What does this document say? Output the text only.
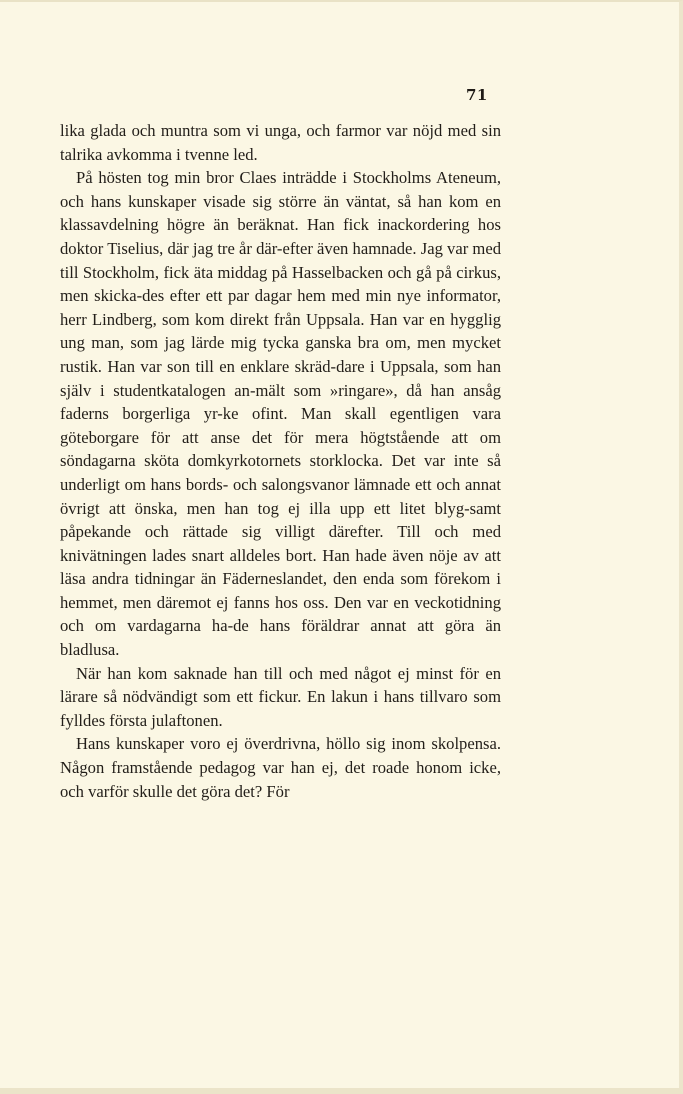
71

lika glada och muntra som vi unga, och farmor var nöjd med sin talrika avkomma i tvenne led.

På hösten tog min bror Claes inträdde i Stockholms Ateneum, och hans kunskaper visade sig större än väntat, så han kom en klassavdelning högre än beräknat. Han fick inackordering hos doktor Tiselius, där jag tre år där-efter även hamnade. Jag var med till Stockholm, fick äta middag på Hasselbacken och gå på cirkus, men skicka-des efter ett par dagar hem med min nye informator, herr Lindberg, som kom direkt från Uppsala. Han var en hygglig ung man, som jag lärde mig tycka ganska bra om, men mycket rustik. Han var son till en enklare skräd-dare i Uppsala, som han själv i studentkatalogen an-mält som »ringare», då han ansåg faderns borgerliga yr-ke ofint. Man skall egentligen vara göteborgare för att anse det för mera högtstående att om söndagarna sköta domkyrkotornets storklocka. Det var inte så underligt om hans bords- och salongsvanor lämnade ett och annat övrigt att önska, men han tog ej illa upp ett litet blyg-samt påpekande och rättade sig villigt därefter. Till och med knivätningen lades snart alldeles bort. Han hade även nöje av att läsa andra tidningar än Fäderneslandet, den enda som förekom i hemmet, men däremot ej fanns hos oss. Den var en veckotidning och om vardagarna ha-de hans föräldrar annat att göra än bladlusa.

När han kom saknade han till och med något ej minst för en lärare så nödvändigt som ett fickur. En lakun i hans tillvaro som fylldes första julaftonen.

Hans kunskaper voro ej överdrivna, höllo sig inom skolpensa. Någon framstående pedagog var han ej, det roade honom icke, och varför skulle det göra det? För
